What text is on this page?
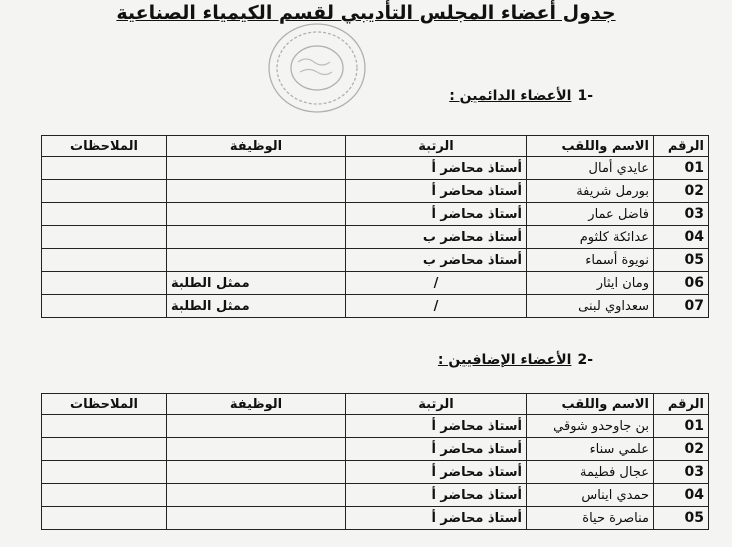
جدول أعضاء المجلس التأديبي لقسم الكيمياء الصناعية
-1الأعضاء الدائمين :
الرقم	الاسم واللقب	الرتبة	الوظيفة	الملاحظات
01	عايدي أمال	أستاذ محاضر أ		
02	بورمل شريفة	أستاذ محاضر أ		
03	فاضل عمار	أستاذ محاضر أ		
04	عدائكة كلثوم	أستاذ محاضر ب		
05	نويوة أسماء	أستاذ محاضر ب		
06	ومان ايثار	/	ممثل الطلبة	
07	سعداوي لبنى	/	ممثل الطلبة	
-2الأعضاء الإضافيين :
الرقم	الاسم واللقب	الرتبة	الوظيفة	الملاحظات
01	بن جاوحدو شوقي	أستاذ محاضر أ		
02	علمي سناء	أستاذ محاضر أ		
03	عجال فطيمة	أستاذ محاضر أ		
04	حمدي ايناس	أستاذ محاضر أ		
05	مناصرة حياة	أستاذ محاضر أ		
